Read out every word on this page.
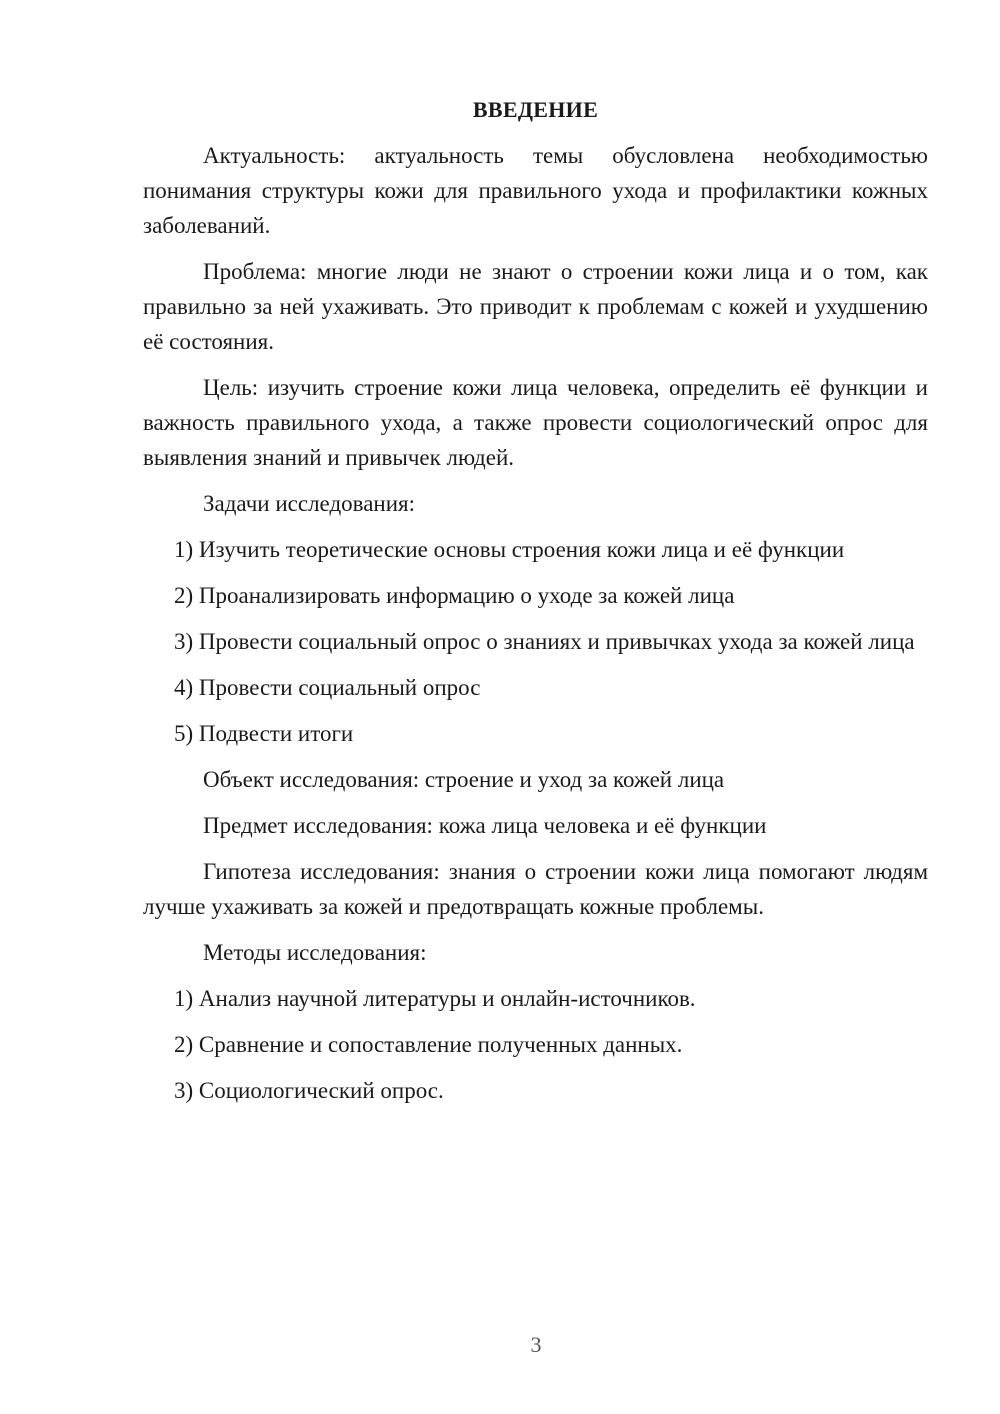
ВВЕДЕНИЕ
Актуальность: актуальность темы обусловлена необходимостью понимания структуры кожи для правильного ухода и профилактики кожных заболеваний.
Проблема: многие люди не знают о строении кожи лица и о том, как правильно за ней ухаживать. Это приводит к проблемам с кожей и ухудшению её состояния.
Цель: изучить строение кожи лица человека, определить её функции и важность правильного ухода, а также провести социологический опрос для выявления знаний и привычек людей.
Задачи исследования:
1) Изучить теоретические основы строения кожи лица и её функции
2) Проанализировать информацию о уходе за кожей лица
3) Провести социальный опрос о знаниях и привычках ухода за кожей лица
4) Провести социальный опрос
5) Подвести итоги
Объект исследования: строение и уход за кожей лица
Предмет исследования: кожа лица человека и её функции
Гипотеза исследования: знания о строении кожи лица помогают людям лучше ухаживать за кожей и предотвращать кожные проблемы.
Методы исследования:
1) Анализ научной литературы и онлайн-источников.
2) Сравнение и сопоставление полученных данных.
3) Социологический опрос.
3
